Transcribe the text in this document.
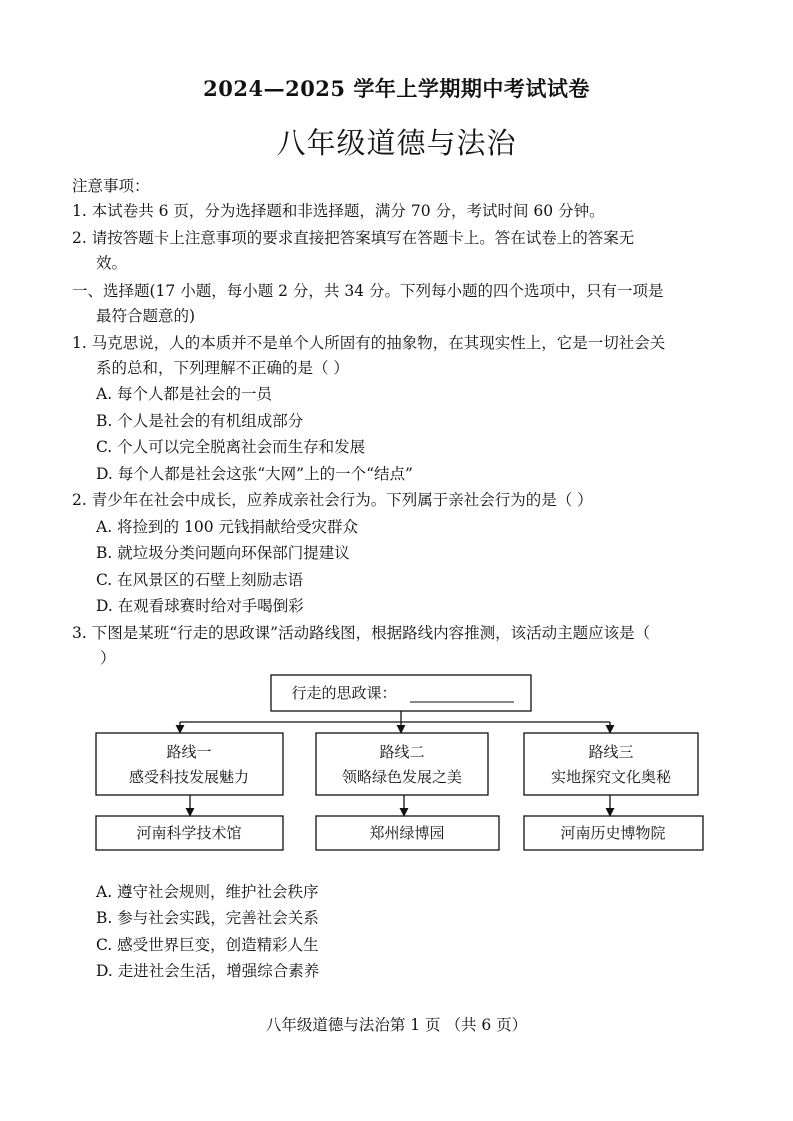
2024—2025 学年上学期期中考试试卷
八年级道德与法治
注意事项：
1. 本试卷共 6 页，分为选择题和非选择题，满分 70 分，考试时间 60 分钟。
2. 请按答题卡上注意事项的要求直接把答案填写在答题卡上。答在试卷上的答案无
效。
一、选择题(17 小题，每小题 2 分，共 34 分。下列每小题的四个选项中，只有一项是
最符合题意的)
1. 马克思说，人的本质并不是单个人所固有的抽象物，在其现实性上，它是一切社会关
系的总和，下列理解不正确的是（ ）
A. 每个人都是社会的一员
B. 个人是社会的有机组成部分
C. 个人可以完全脱离社会而生存和发展
D. 每个人都是社会这张“大网”上的一个“结点”
2. 青少年在社会中成长，应养成亲社会行为。下列属于亲社会行为的是（ ）
A. 将捡到的 100 元钱捐献给受灾群众
B. 就垃圾分类问题向环保部门提建议
C. 在风景区的石壁上刻励志语
D. 在观看球赛时给对手喝倒彩
3. 下图是某班“行走的思政课”活动路线图，根据路线内容推测，该活动主题应该是（
）
行走的思政课：
路线一
感受科技发展魅力
路线二
领略绿色发展之美
路线三
实地探究文化奥秘
河南科学技术馆	郑州绿博园	河南历史博物院
A. 遵守社会规则，维护社会秩序
B. 参与社会实践，完善社会关系
C. 感受世界巨变，创造精彩人生
D. 走进社会生活，增强综合素养
八年级道德与法治第 1 页 （共 6 页）
